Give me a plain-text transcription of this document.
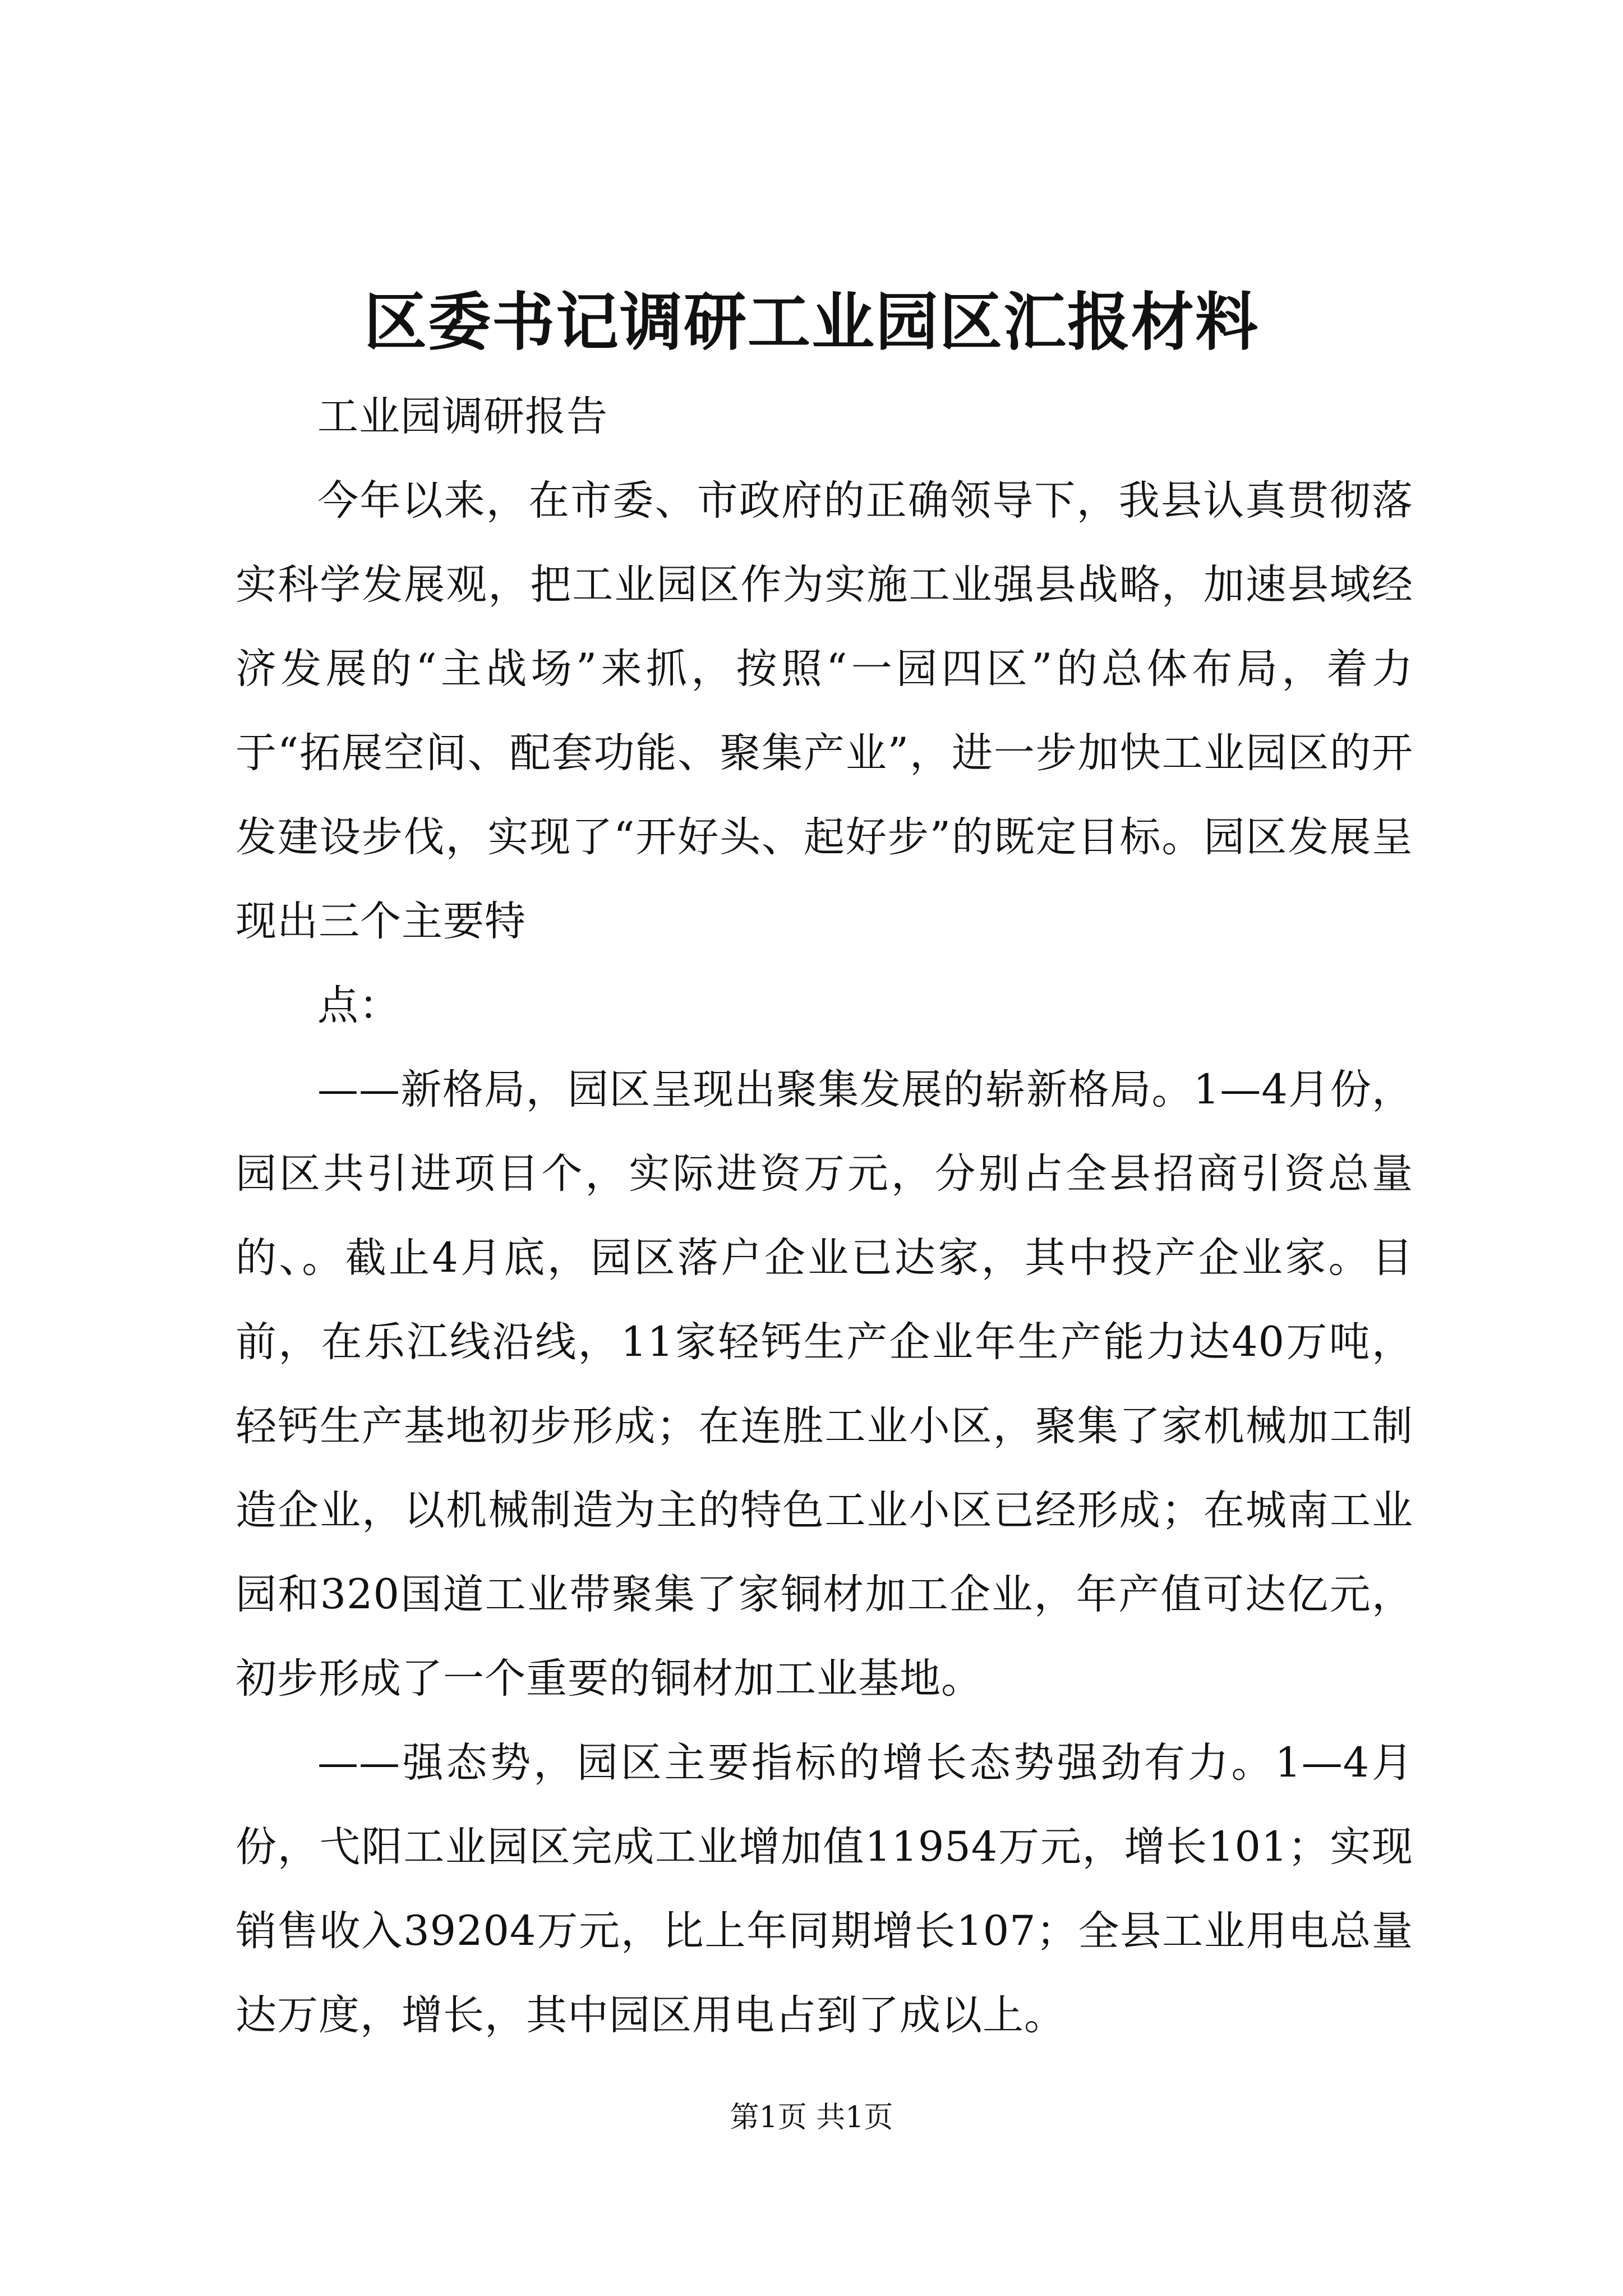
区委书记调研工业园区汇报材料

工业园调研报告

今年以来，在市委、市政府的正确领导下，我县认真贯彻落实科学发展观，把工业园区作为实施工业强县战略，加速县域经济发展的“主战场”来抓，按照“一园四区”的总体布局，着力于“拓展空间、配套功能、聚集产业”，进一步加快工业园区的开发建设步伐，实现了“开好头、起好步”的既定目标。园区发展呈现出三个主要特

点：

——新格局，园区呈现出聚集发展的崭新格局。1—4月份，园区共引进项目个，实际进资万元，分别占全县招商引资总量的、。截止4月底，园区落户企业已达家，其中投产企业家。目前，在乐江线沿线，11家轻钙生产企业年生产能力达40万吨，轻钙生产基地初步形成；在连胜工业小区，聚集了家机械加工制造企业，以机械制造为主的特色工业小区已经形成；在城南工业园和320国道工业带聚集了家铜材加工企业，年产值可达亿元，初步形成了一个重要的铜材加工业基地。

——强态势，园区主要指标的增长态势强劲有力。1—4月份，弋阳工业园区完成工业增加值11954万元，增长101；实现销售收入39204万元，比上年同期增长107；全县工业用电总量达万度，增长，其中园区用电占到了成以上。

第1页 共1页
